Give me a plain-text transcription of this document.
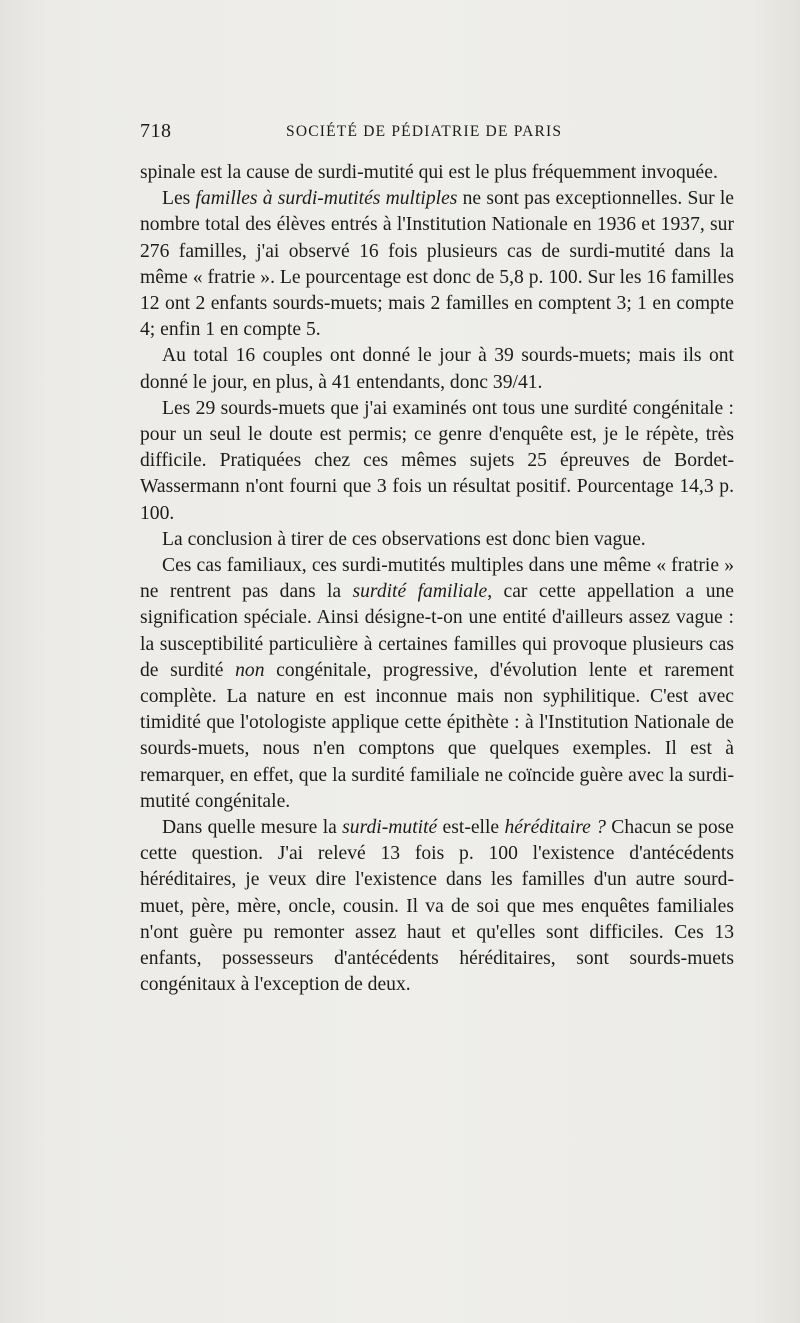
718	SOCIÉTÉ DE PÉDIATRIE DE PARIS

spinale est la cause de surdi-mutité qui est le plus fréquemment invoquée.

Les familles à surdi-mutités multiples ne sont pas exceptionnelles. Sur le nombre total des élèves entrés à l'Institution Nationale en 1936 et 1937, sur 276 familles, j'ai observé 16 fois plusieurs cas de surdi-mutité dans la même « fratrie ». Le pourcentage est donc de 5,8 p. 100. Sur les 16 familles 12 ont 2 enfants sourds-muets; mais 2 familles en comptent 3; 1 en compte 4; enfin 1 en compte 5.

Au total 16 couples ont donné le jour à 39 sourds-muets; mais ils ont donné le jour, en plus, à 41 entendants, donc 39/41.

Les 29 sourds-muets que j'ai examinés ont tous une surdité congénitale : pour un seul le doute est permis; ce genre d'enquête est, je le répète, très difficile. Pratiquées chez ces mêmes sujets 25 épreuves de Bordet-Wassermann n'ont fourni que 3 fois un résultat positif. Pourcentage 14,3 p. 100.

La conclusion à tirer de ces observations est donc bien vague.

Ces cas familiaux, ces surdi-mutités multiples dans une même « fratrie » ne rentrent pas dans la surdité familiale, car cette appellation a une signification spéciale. Ainsi désigne-t-on une entité d'ailleurs assez vague : la susceptibilité particulière à certaines familles qui provoque plusieurs cas de surdité non congénitale, progressive, d'évolution lente et rarement complète. La nature en est inconnue mais non syphilitique. C'est avec timidité que l'otologiste applique cette épithète : à l'Institution Nationale de sourds-muets, nous n'en comptons que quelques exemples. Il est à remarquer, en effet, que la surdité familiale ne coïncide guère avec la surdi-mutité congénitale.

Dans quelle mesure la surdi-mutité est-elle héréditaire ? Chacun se pose cette question. J'ai relevé 13 fois p. 100 l'existence d'antécédents héréditaires, je veux dire l'existence dans les familles d'un autre sourd-muet, père, mère, oncle, cousin. Il va de soi que mes enquêtes familiales n'ont guère pu remonter assez haut et qu'elles sont difficiles. Ces 13 enfants, possesseurs d'antécédents héréditaires, sont sourds-muets congénitaux à l'exception de deux.
